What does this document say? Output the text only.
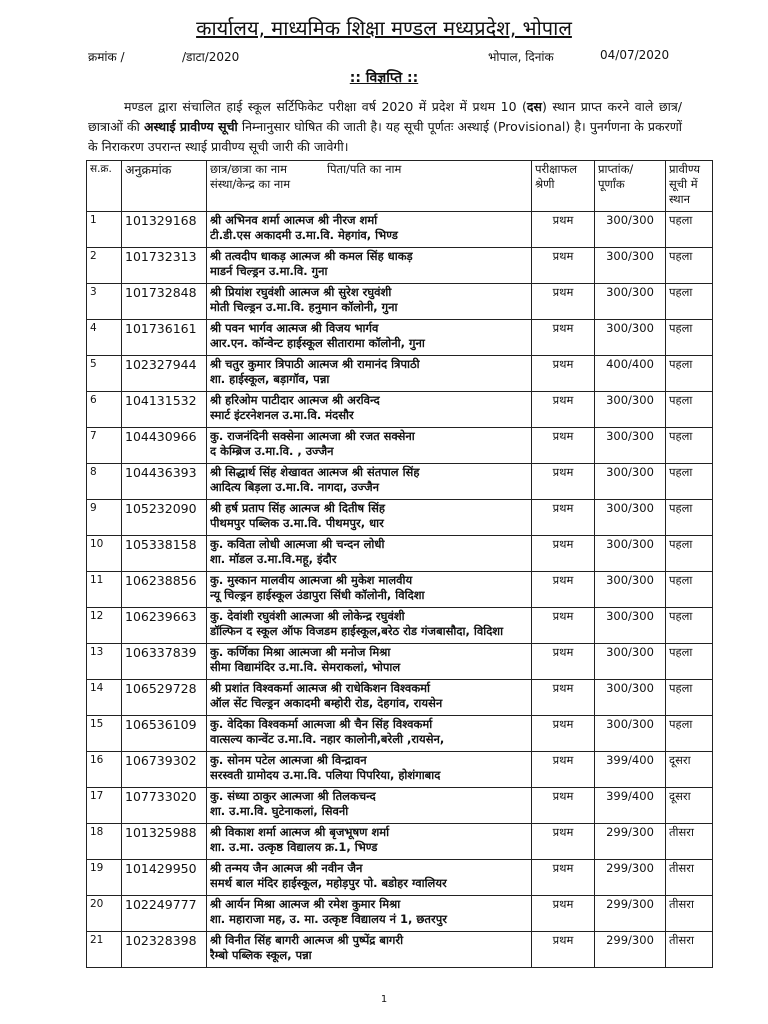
कार्यालय, माध्यमिक शिक्षा मण्डल मध्यप्रदेश, भोपाल
क्रमांक /	/डाटा/2020	भोपाल, दिनांक	04/07/2020
:: विज्ञप्ति ::
मण्डल द्वारा संचालित हाई स्कूल सर्टिफिकेट परीक्षा वर्ष 2020 में प्रदेश में प्रथम 10 (दस) स्थान प्राप्त करने वाले छात्र/ छात्राओं की अस्थाई प्रावीण्य सूची निम्नानुसार घोषित की जाती है। यह सूची पूर्णतः अस्थाई (Provisional) है। पुनर्गणना के प्रकरणों के निराकरण उपरान्त स्थाई प्रावीण्य सूची जारी की जावेगी।
स.क्र.	अनुक्रमांक	छात्र/छात्रा का नाम पिता/पति का नाम
संस्था/केन्द्र का नाम	परीक्षाफल श्रेणी	प्राप्तांक/ पूर्णांक	प्रावीण्य सूची में स्थान
1	101329168	श्री अभिनव शर्मा आत्मज श्री नीरज शर्मा
टी.डी.एस अकादमी उ.मा.वि. मेहगांव, भिण्ड	प्रथम	300/300	पहला
2	101732313	श्री तत्वदीप धाकड़ आत्मज श्री कमल सिंह धाकड़
माडर्न चिल्ड्रन उ.मा.वि. गुना	प्रथम	300/300	पहला
3	101732848	श्री प्रियांश रघुवंशी आत्मज श्री सुरेश रघुवंशी
मोती चिल्ड्रन उ.मा.वि. हनुमान कॉलोनी, गुना	प्रथम	300/300	पहला
4	101736161	श्री पवन भार्गव आत्मज श्री विजय भार्गव
आर.एन. कॉन्वेन्ट हाईस्कूल सीतारामा कॉलोनी, गुना	प्रथम	300/300	पहला
5	102327944	श्री चतुर कुमार त्रिपाठी आत्मज श्री रामानंद त्रिपाठी
शा. हाईस्कूल, बड़ागॉव, पन्ना	प्रथम	400/400	पहला
6	104131532	श्री हरिओम पाटीदार आत्मज श्री अरविन्द
स्मार्ट इंटरनेशनल उ.मा.वि. मंदसौर	प्रथम	300/300	पहला
7	104430966	कु. राजनंदिनी सक्सेना आत्मजा श्री रजत सक्सेना
द केम्ब्रिज उ.मा.वि. , उज्जैन	प्रथम	300/300	पहला
8	104436393	श्री सिद्धार्थ सिंह शेखावत आत्मज श्री संतपाल सिंह
आदित्य बिड़ला उ.मा.वि. नागदा, उज्जैन	प्रथम	300/300	पहला
9	105232090	श्री हर्ष प्रताप सिंह आत्मज श्री दितीष सिंह
पीथमपुर पब्लिक उ.मा.वि. पीथमपुर, धार	प्रथम	300/300	पहला
10	105338158	कु. कविता लोधी आत्मजा श्री चन्दन लोधी
शा. मॉडल उ.मा.वि.महू, इंदौर	प्रथम	300/300	पहला
11	106238856	कु. मुस्कान मालवीय आत्मजा श्री मुकेश मालवीय
न्यू चिल्ड्रन हाईस्कूल उंडापुरा सिंधी कॉलोनी, विदिशा	प्रथम	300/300	पहला
12	106239663	कु. देवांशी रघुवंशी आत्मजा श्री लोकेन्द्र रघुवंशी
डॉल्फिन द स्कूल ऑफ विजडम हाईस्कूल,बरेठ रोड गंजबासौदा, विदिशा	प्रथम	300/300	पहला
13	106337839	कु. कर्णिका मिश्रा आत्मजा श्री मनोज मिश्रा
सीमा विद्यामंदिर उ.मा.वि. सेमराकलां, भोपाल	प्रथम	300/300	पहला
14	106529728	श्री प्रशांत विश्वकर्मा आत्मज श्री राधेकिशन विश्वकर्मा
ऑल सेंट चिल्ड्रन अकादमी बम्होरी रोड, देहगांव, रायसेन	प्रथम	300/300	पहला
15	106536109	कु. वेदिका विश्वकर्मा आत्मजा श्री चैन सिंह विश्वकर्मा
वात्सल्य कान्वेंट उ.मा.वि. नहार कालोनी,बरेली ,रायसेन,	प्रथम	300/300	पहला
16	106739302	कु. सोनम पटेल आत्मजा श्री विन्द्रावन
सरस्वती ग्रामोदय उ.मा.वि. पलिया पिपरिया, होशंगाबाद	प्रथम	399/400	दूसरा
17	107733020	कु. संध्या ठाकुर आत्मजा श्री तिलकचन्द
शा. उ.मा.वि. घुटेनाकलां, सिवनी	प्रथम	399/400	दूसरा
18	101325988	श्री विकाश शर्मा आत्मज श्री बृजभूषण शर्मा
शा. उ.मा. उत्कृष्ठ विद्यालय क्र.1, भिण्ड	प्रथम	299/300	तीसरा
19	101429950	श्री तन्मय जैन आत्मज श्री नवीन जैन
समर्थ बाल मंदिर हाईस्कूल, महोड़पुर पो. बडोहर ग्वालियर	प्रथम	299/300	तीसरा
20	102249777	श्री आर्यन मिश्रा आत्मज श्री रमेश कुमार मिश्रा
शा. महाराजा मह, उ. मा. उत्कृष्ट विद्यालय नं 1, छतरपुर	प्रथम	299/300	तीसरा
21	102328398	श्री विनीत सिंह बागरी आत्मज श्री पुष्पेंद्र बागरी
रैम्बो पब्लिक स्कूल, पन्ना	प्रथम	299/300	तीसरा
1
